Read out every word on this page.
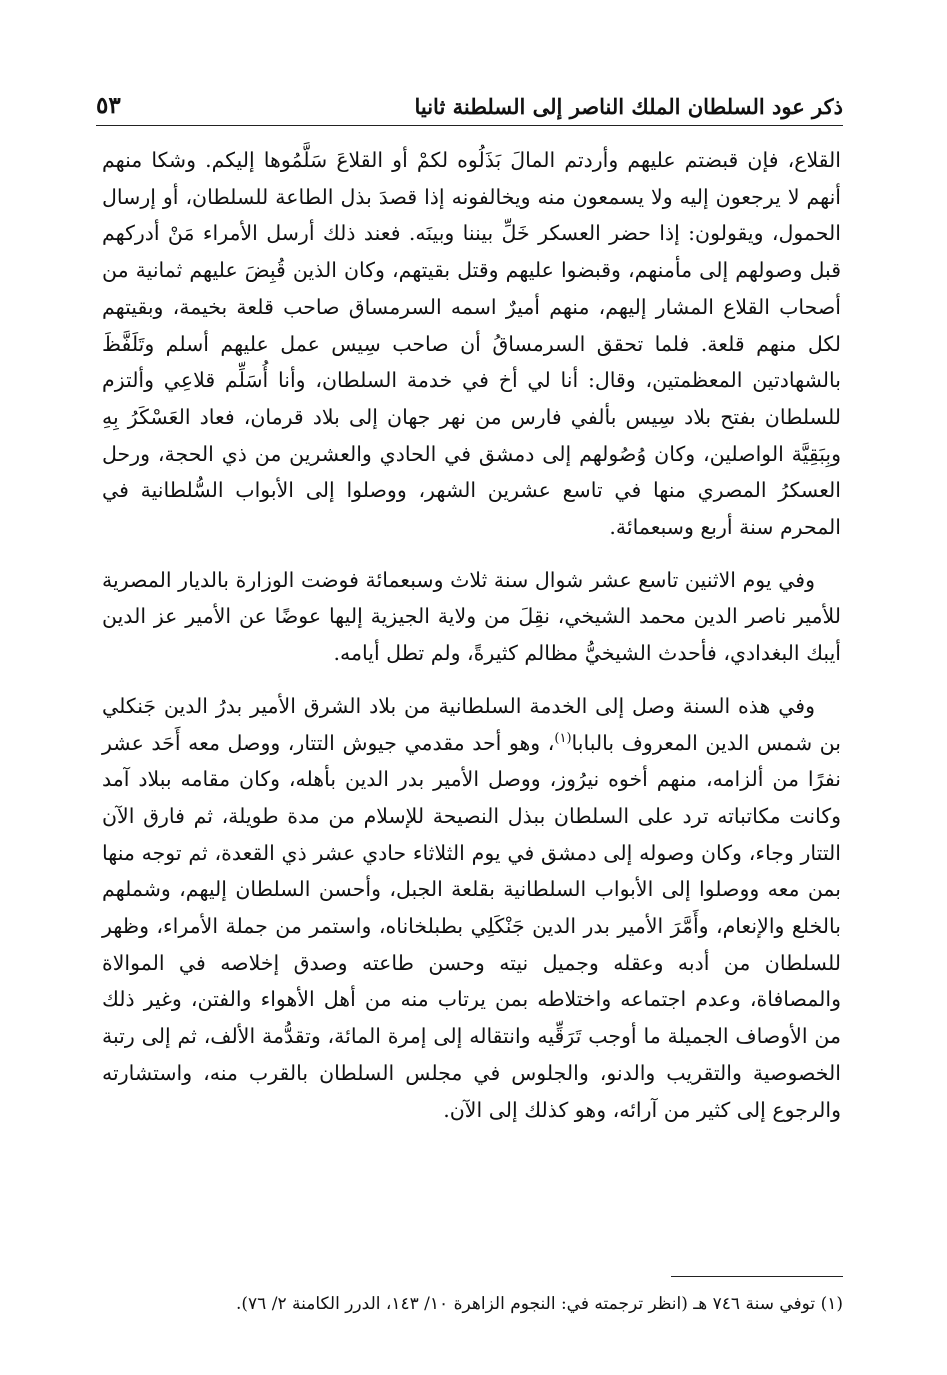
ذكر عود السلطان الملك الناصر إلى السلطنة ثانيا
٥٣

القلاع، فإن قبضتم عليهم وأردتم المالَ بَذَلُوه لكمْ أو القلاعَ سَلَّمُوها إليكم. وشكا منهم أنهم لا يرجعون إليه ولا يسمعون منه ويخالفونه إذا قصدَ بذل الطاعة للسلطان، أو إرسال الحمول، ويقولون: إذا حضر العسكر خَلِّ بيننا وبينَه. فعند ذلك أرسل الأمراء مَنْ أدركهم قبل وصولهم إلى مأمنهم، وقبضوا عليهم وقتل بقيتهم، وكان الذين قُبِضَ عليهم ثمانية من أصحاب القلاع المشار إليهم، منهم أميرٌ اسمه السرمساق صاحب قلعة بخيمة، وبقيتهم لكل منهم قلعة. فلما تحقق السرمساقُ أن صاحب سِيس عمل عليهم أسلم وتَلَفَّظَ بالشهادتين المعظمتين، وقال: أنا لي أخ في خدمة السلطان، وأنا أُسَلِّم قلاعِي وألتزم للسلطان بفتح بلاد سِيس بألفي فارس من نهر جهان إلى بلاد قرمان، فعاد العَسْكَرُ بِهِ وبِبَقِيَّة الواصلين، وكان وُصُولهم إلى دمشق في الحادي والعشرين من ذي الحجة، ورحل العسكرُ المصري منها في تاسع عشرين الشهر، ووصلوا إلى الأبواب السُّلطانية في المحرم سنة أربع وسبعمائة.

وفي يوم الاثنين تاسع عشر شوال سنة ثلاث وسبعمائة فوضت الوزارة بالديار المصرية للأمير ناصر الدين محمد الشيخي، نقِلَ من ولاية الجيزية إليها عوضًا عن الأمير عز الدين أيبك البغدادي، فأحدث الشيخيُّ مظالم كثيرةً، ولم تطل أيامه.

وفي هذه السنة وصل إلى الخدمة السلطانية من بلاد الشرق الأمير بدرُ الدين جَنكلي بن شمس الدين المعروف بالبابا$^{(١)}$، وهو أحد مقدمي جيوش التتار، ووصل معه أَحَد عشر نفرًا من ألزامه، منهم أخوه نيرُوز، ووصل الأمير بدر الدين بأهله، وكان مقامه ببلاد آمد وكانت مكاتباته ترد على السلطان ببذل النصيحة للإسلام من مدة طويلة، ثم فارق الآن التتار وجاء، وكان وصوله إلى دمشق في يوم الثلاثاء حادي عشر ذي القعدة، ثم توجه منها بمن معه ووصلوا إلى الأبواب السلطانية بقلعة الجبل، وأحسن السلطان إليهم، وشملهم بالخلع والإنعام، وأَمَّرَ الأمير بدر الدين جَنْكَلِي بطبلخاناه، واستمر من جملة الأمراء، وظهر للسلطان من أدبه وعقله وجميل نيته وحسن طاعته وصدق إخلاصه في الموالاة والمصافاة، وعدم اجتماعه واختلاطه بمن يرتاب منه من أهل الأهواء والفتن، وغير ذلك من الأوصاف الجميلة ما أوجب تَرَقِّيه وانتقاله إلى إمرة المائة، وتقدُّمة الألف، ثم إلى رتبة الخصوصية والتقريب والدنو، والجلوس في مجلس السلطان بالقرب منه، واستشارته والرجوع إلى كثير من آرائه، وهو كذلك إلى الآن.

(١) توفي سنة ٧٤٦ هـ (انظر ترجمته في: النجوم الزاهرة ١٠/ ١٤٣، الدرر الكامنة ٢/ ٧٦).
